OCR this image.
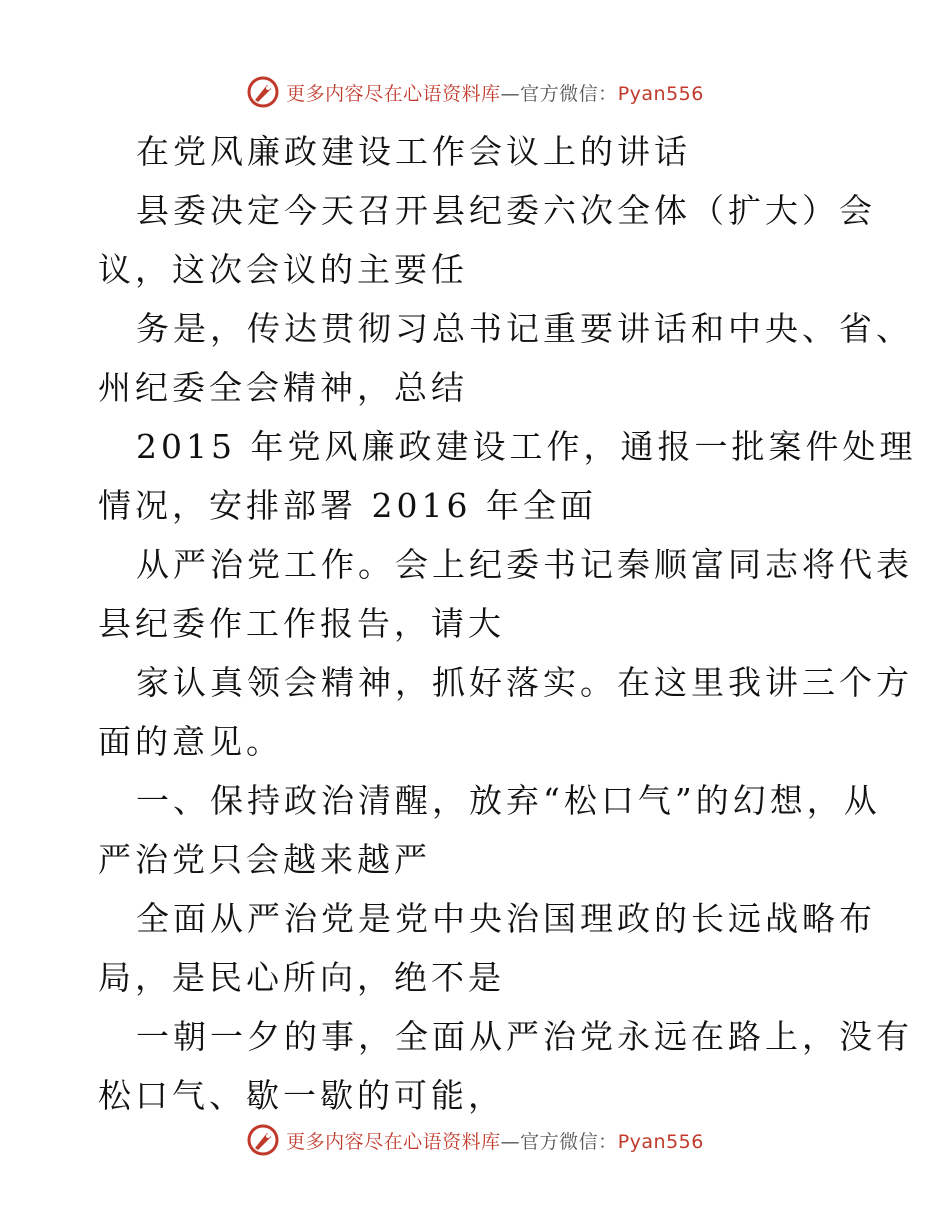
更多内容尽在心语资料库—官方微信：Pyan556
在党风廉政建设工作会议上的讲话
县委决定今天召开县纪委六次全体（扩大）会
议，这次会议的主要任
务是，传达贯彻习总书记重要讲话和中央、省、
州纪委全会精神，总结
2015 年党风廉政建设工作，通报一批案件处理
情况，安排部署 2016 年全面
从严治党工作。会上纪委书记秦顺富同志将代表
县纪委作工作报告，请大
家认真领会精神，抓好落实。在这里我讲三个方
面的意见。
一、保持政治清醒，放弃“松口气”的幻想，从
严治党只会越来越严
全面从严治党是党中央治国理政的长远战略布
局，是民心所向，绝不是
一朝一夕的事，全面从严治党永远在路上，没有
松口气、歇一歇的可能，
更多内容尽在心语资料库—官方微信：Pyan556
